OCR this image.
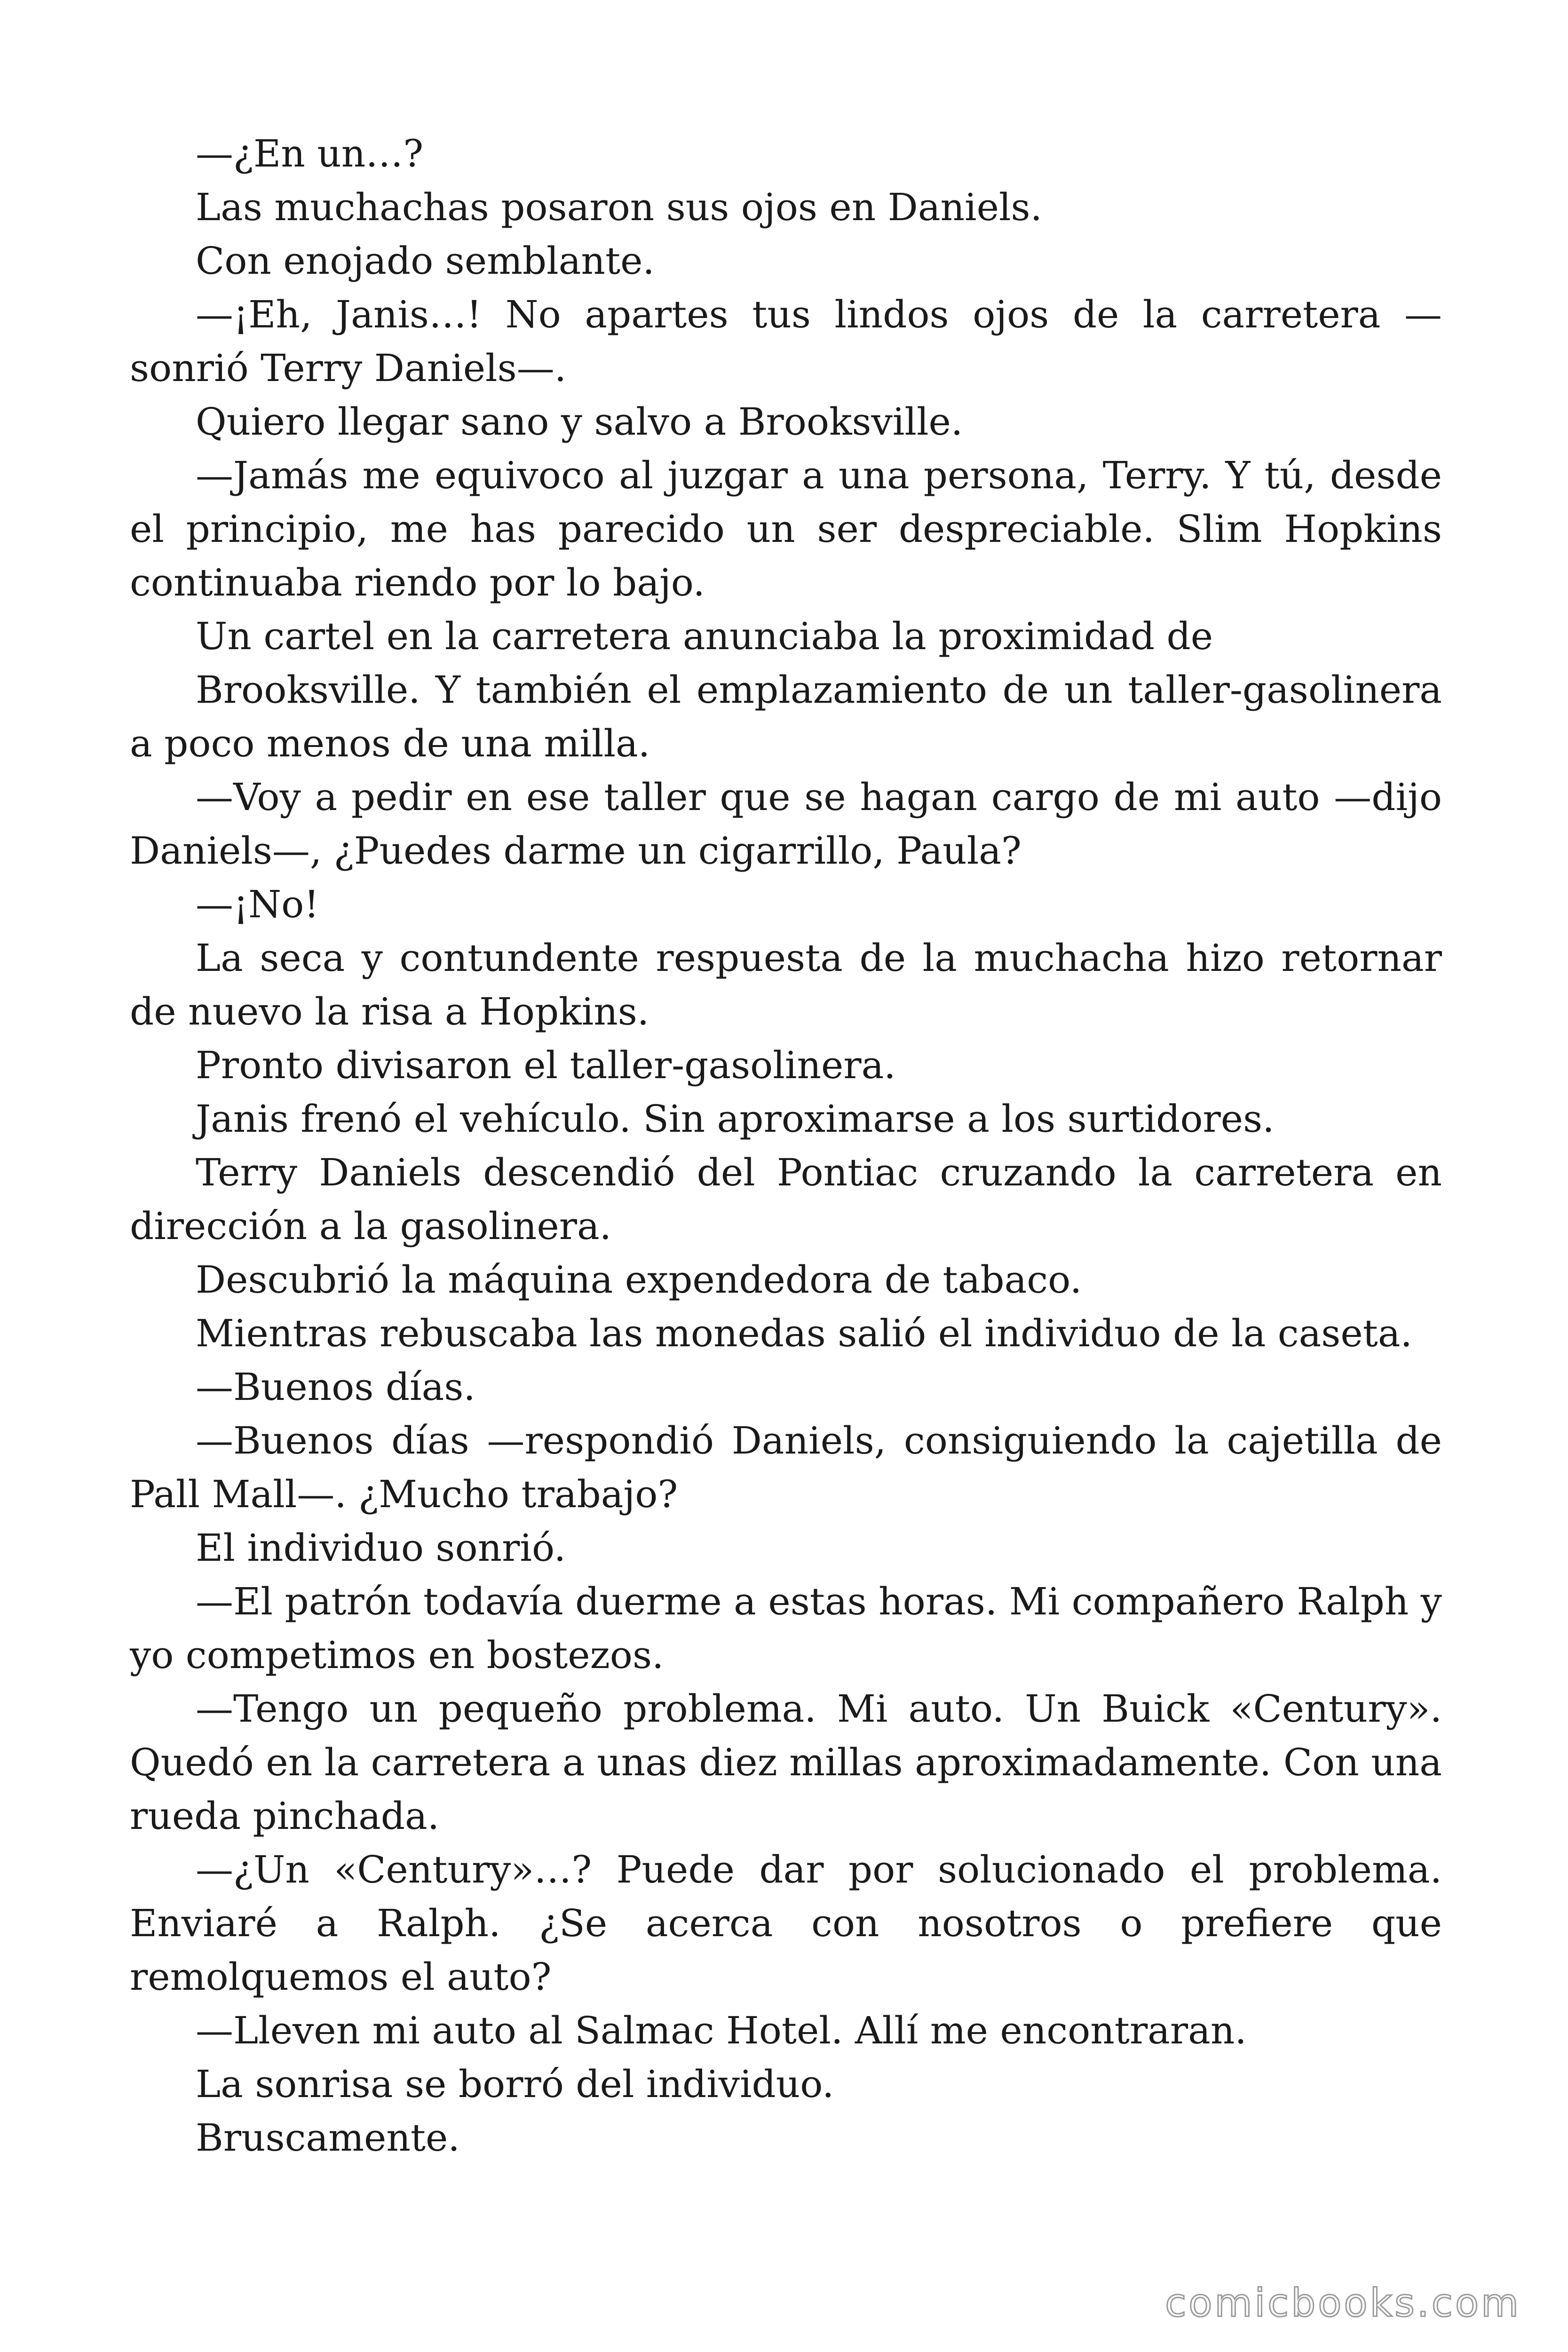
—¿En un…?

Las muchachas posaron sus ojos en Daniels.

Con enojado semblante.

—¡Eh, Janis…! No apartes tus lindos ojos de la carretera —sonrió Terry Daniels—.

Quiero llegar sano y salvo a Brooksville.

—Jamás me equivoco al juzgar a una persona, Terry. Y tú, desde el principio, me has parecido un ser despreciable. Slim Hopkins continuaba riendo por lo bajo.

Un cartel en la carretera anunciaba la proximidad de

Brooksville. Y también el emplazamiento de un taller-gasolinera a poco menos de una milla.

—Voy a pedir en ese taller que se hagan cargo de mi auto —dijo Daniels—, ¿Puedes darme un cigarrillo, Paula?

—¡No!

La seca y contundente respuesta de la muchacha hizo retornar de nuevo la risa a Hopkins.

Pronto divisaron el taller-gasolinera.

Janis frenó el vehículo. Sin aproximarse a los surtidores.

Terry Daniels descendió del Pontiac cruzando la carretera en dirección a la gasolinera.

Descubrió la máquina expendedora de tabaco.

Mientras rebuscaba las monedas salió el individuo de la caseta.

—Buenos días.

—Buenos días —respondió Daniels, consiguiendo la cajetilla de Pall Mall—. ¿Mucho trabajo?

El individuo sonrió.

—El patrón todavía duerme a estas horas. Mi compañero Ralph y yo competimos en bostezos.

—Tengo un pequeño problema. Mi auto. Un Buick «Century». Quedó en la carretera a unas diez millas aproximadamente. Con una rueda pinchada.

—¿Un «Century»…? Puede dar por solucionado el problema. Enviaré a Ralph. ¿Se acerca con nosotros o prefiere que remolquemos el auto?

—Lleven mi auto al Salmac Hotel. Allí me encontraran.

La sonrisa se borró del individuo.

Bruscamente.

comicbooks.com
